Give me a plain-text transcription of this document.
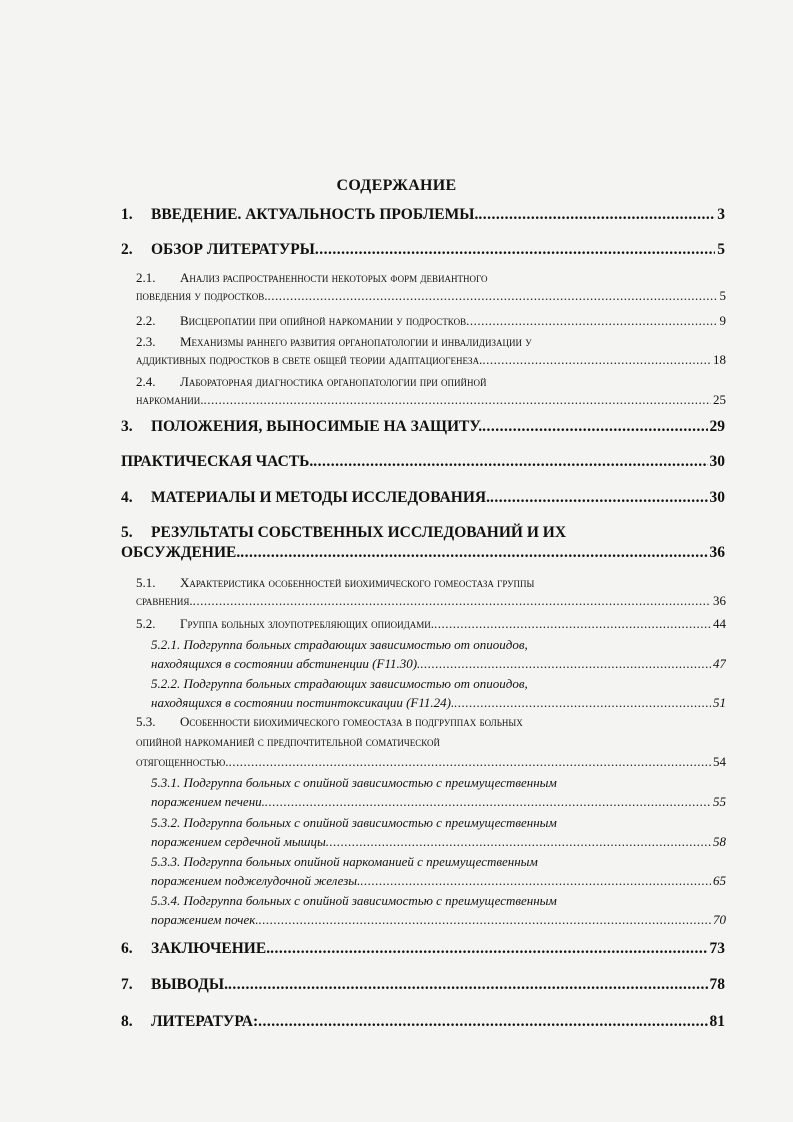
СОДЕРЖАНИЕ
1. ВВЕДЕНИЕ. АКТУАЛЬНОСТЬ ПРОБЛЕМЫ. .....	3
2. ОБЗОР ЛИТЕРАТУРЫ .....	5
2.1. Анализ распространенности некоторых форм девиантного
поведения у подростков. .....	5
2.2. Висцеропатии при опийной наркомании у подростков .....	9
2.3. Механизмы раннего развития органопатологии и инвалидизации у
аддиктивных подростков в свете общей теории адаптациогенеза. .....	18
2.4. Лабораторная диагностика органопатологии при опийной
наркомании. .....	25
3. ПОЛОЖЕНИЯ, ВЫНОСИМЫЕ НА ЗАЩИТУ. .....	29
ПРАКТИЧЕСКАЯ ЧАСТЬ. .....	30
4. МАТЕРИАЛЫ И МЕТОДЫ ИССЛЕДОВАНИЯ. .....	30
5. РЕЗУЛЬТАТЫ СОБСТВЕННЫХ ИССЛЕДОВАНИЙ И ИХ
ОБСУЖДЕНИЕ. .....	36
5.1. Характеристика особенностей биохимического гомеостаза группы
сравнения. .....	36
5.2. Группа больных злоупотребляющих опиоидами. .....	44
5.2.1. Подгруппа больных страдающих зависимостью от опиоидов,
находящихся в состоянии абстиненции (F11.30). .....	47
5.2.2. Подгруппа больных страдающих зависимостью от опиоидов,
находящихся в состоянии постинтоксикации (F11.24). .....	51
5.3. Особенности биохимического гомеостаза в подгруппах больных
опийной наркоманией с предпочтительной соматической
отягощенностью. .....	54
5.3.1. Подгруппа больных с опийной зависимостью с преимущественным
поражением печени. .....	55
5.3.2. Подгруппа больных с опийной зависимостью с преимущественным
поражением сердечной мышцы .....	58
5.3.3. Подгруппа больных опийной наркоманией с преимущественным
поражением поджелудочной железы. .....	65
5.3.4. Подгруппа больных с опийной зависимостью с преимущественным
поражением почек. .....	70
6. ЗАКЛЮЧЕНИЕ. .....	73
7. ВЫВОДЫ. .....	78
8. ЛИТЕРАТУРА: .....	81
